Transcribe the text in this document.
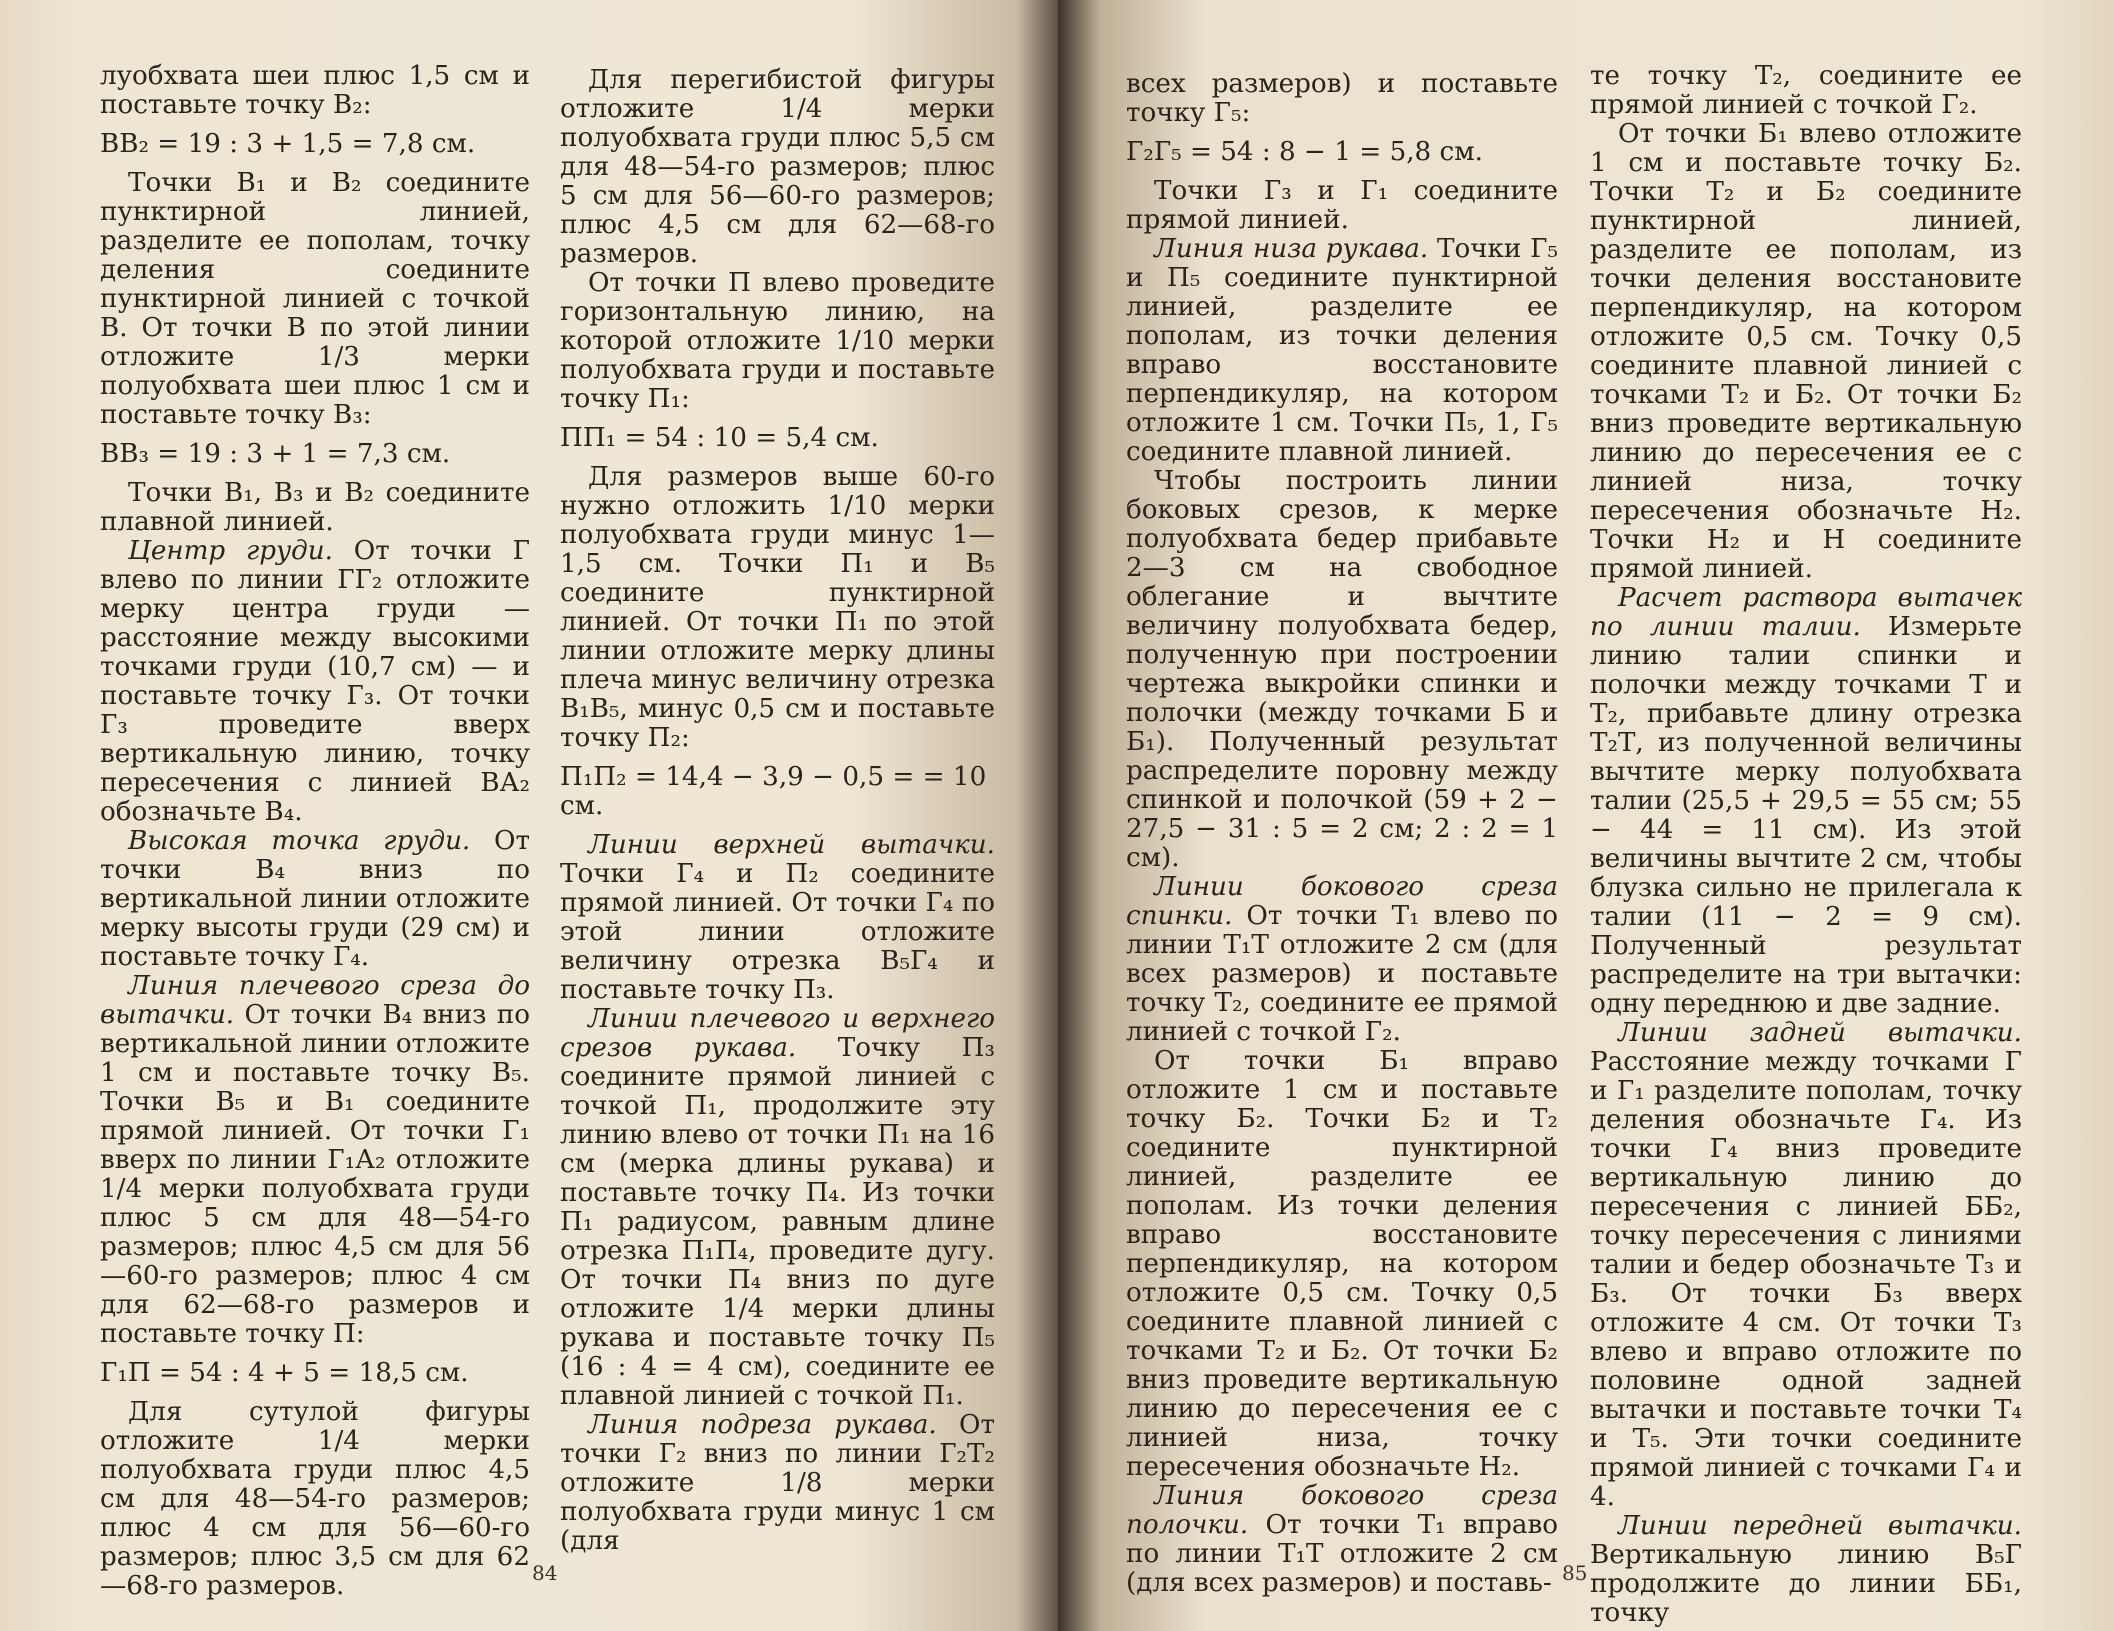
луобхвата шеи плюс 1,5 см и поставьте точку В₂:

ВВ₂ = 19 : 3 + 1,5 = 7,8 см.

Точки В₁ и В₂ соедините пунктирной линией, разделите ее пополам, точку деления соедините пунктирной линией с точкой В. От точки В по этой линии отложите 1/3 мерки полуобхвата шеи плюс 1 см и поставьте точку В₃:

ВВ₃ = 19 : 3 + 1 = 7,3 см.

Точки В₁, В₃ и В₂ соедините плавной линией.

Центр груди. От точки Г влево по линии ГГ₂ отложите мерку центра груди — расстояние между высокими точками груди (10,7 см) — и поставьте точку Г₃. От точки Г₃ проведите вверх вертикальную линию, точку пересечения с линией ВА₂ обозначьте В₄.

Высокая точка груди. От точки В₄ вниз по вертикальной линии отложите мерку высоты груди (29 см) и поставьте точку Г₄.

Линия плечевого среза до вытачки. От точки В₄ вниз по вертикальной линии отложите 1 см и поставьте точку В₅. Точки В₅ и В₁ соедините прямой линией. От точки Г₁ вверх по линии Г₁А₂ отложите 1/4 мерки полуобхвата груди плюс 5 см для 48—54-го размеров; плюс 4,5 см для 56—60-го размеров; плюс 4 см для 62—68-го размеров и поставьте точку П:

Г₁П = 54 : 4 + 5 = 18,5 см.

Для сутулой фигуры отложите 1/4 мерки полуобхвата груди плюс 4,5 см для 48—54-го размеров; плюс 4 см для 56—60-го размеров; плюс 3,5 см для 62—68-го размеров.

Для перегибистой фигуры отложите 1/4 мерки полуобхвата груди плюс 5,5 см для 48—54-го размеров; плюс 5 см для 56—60-го размеров; плюс 4,5 см для 62—68-го размеров.

От точки П влево проведите горизонтальную линию, на которой отложите 1/10 мерки полуобхвата груди и поставьте точку П₁:

ПП₁ = 54 : 10 = 5,4 см.

Для размеров выше 60-го нужно отложить 1/10 мерки полуобхвата груди минус 1—1,5 см. Точки П₁ и В₅ соедините пунктирной линией. От точки П₁ по этой линии отложите мерку длины плеча минус величину отрезка В₁В₅, минус 0,5 см и поставьте точку П₂:

П₁П₂ = 14,4 − 3,9 − 0,5 = = 10 см.

Линии верхней вытачки. Точки Г₄ и П₂ соедините прямой линией. От точки Г₄ по этой линии отложите величину отрезка В₅Г₄ и поставьте точку П₃.

Линии плечевого и верхнего срезов рукава. Точку П₃ соедините прямой линией с точкой П₁, продолжите эту линию влево от точки П₁ на 16 см (мерка длины рукава) и поставьте точку П₄. Из точки П₁ радиусом, равным длине отрезка П₁П₄, проведите дугу. От точки П₄ вниз по дуге отложите 1/4 мерки длины рукава и поставьте точку П₅ (16 : 4 = 4 см), соедините ее плавной линией с точкой П₁.

Линия подреза рукава. От точки Г₂ вниз по линии Г₂Т₂ отложите 1/8 мерки полуобхвата груди минус 1 см (для

84	85

всех размеров) и поставьте точку Г₅:

Г₂Г₅ = 54 : 8 − 1 = 5,8 см.

Точки Г₃ и Г₁ соедините прямой линией.

Линия низа рукава. Точки Г₅ и П₅ соедините пунктирной линией, разделите ее пополам, из точки деления вправо восстановите перпендикуляр, на котором отложите 1 см. Точки П₅, 1, Г₅ соедините плавной линией.

Чтобы построить линии боковых срезов, к мерке полуобхвата бедер прибавьте 2—3 см на свободное облегание и вычтите величину полуобхвата бедер, полученную при построении чертежа выкройки спинки и полочки (между точками Б и Б₁). Полученный результат распределите поровну между спинкой и полочкой (59 + 2 − 27,5 − 31 : 5 = 2 см; 2 : 2 = 1 см).

Линии бокового среза спинки. От точки Т₁ влево по линии Т₁Т отложите 2 см (для всех размеров) и поставьте точку Т₂, соедините ее прямой линией с точкой Г₂.

От точки Б₁ вправо отложите 1 см и поставьте точку Б₂. Точки Б₂ и Т₂ соедините пунктирной линией, разделите ее пополам. Из точки деления вправо восстановите перпендикуляр, на котором отложите 0,5 см. Точку 0,5 соедините плавной линией с точками Т₂ и Б₂. От точки Б₂ вниз проведите вертикальную линию до пересечения ее с линией низа, точку пересечения обозначьте Н₂.

Линия бокового среза полочки. От точки Т₁ вправо по линии Т₁Т отложите 2 см (для всех размеров) и поставь-

те точку Т₂, соедините ее прямой линией с точкой Г₂.

От точки Б₁ влево отложите 1 см и поставьте точку Б₂. Точки Т₂ и Б₂ соедините пунктирной линией, разделите ее пополам, из точки деления восстановите перпендикуляр, на котором отложите 0,5 см. Точку 0,5 соедините плавной линией с точками Т₂ и Б₂. От точки Б₂ вниз проведите вертикальную линию до пересечения ее с линией низа, точку пересечения обозначьте Н₂. Точки Н₂ и Н соедините прямой линией.

Расчет раствора вытачек по линии талии. Измерьте линию талии спинки и полочки между точками Т и Т₂, прибавьте длину отрезка Т₂Т, из полученной величины вычтите мерку полуобхвата талии (25,5 + 29,5 = 55 см; 55 − 44 = 11 см). Из этой величины вычтите 2 см, чтобы блузка сильно не прилегала к талии (11 − 2 = 9 см). Полученный результат распределите на три вытачки: одну переднюю и две задние.

Линии задней вытачки. Расстояние между точками Г и Г₁ разделите пополам, точку деления обозначьте Г₄. Из точки Г₄ вниз проведите вертикальную линию до пересечения с линией ББ₂, точку пересечения с линиями талии и бедер обозначьте Т₃ и Б₃. От точки Б₃ вверх отложите 4 см. От точки Т₃ влево и вправо отложите по половине одной задней вытачки и поставьте точки Т₄ и Т₅. Эти точки соедините прямой линией с точками Г₄ и 4.

Линии передней вытачки. Вертикальную линию В₅Г продолжите до линии ББ₁, точку
